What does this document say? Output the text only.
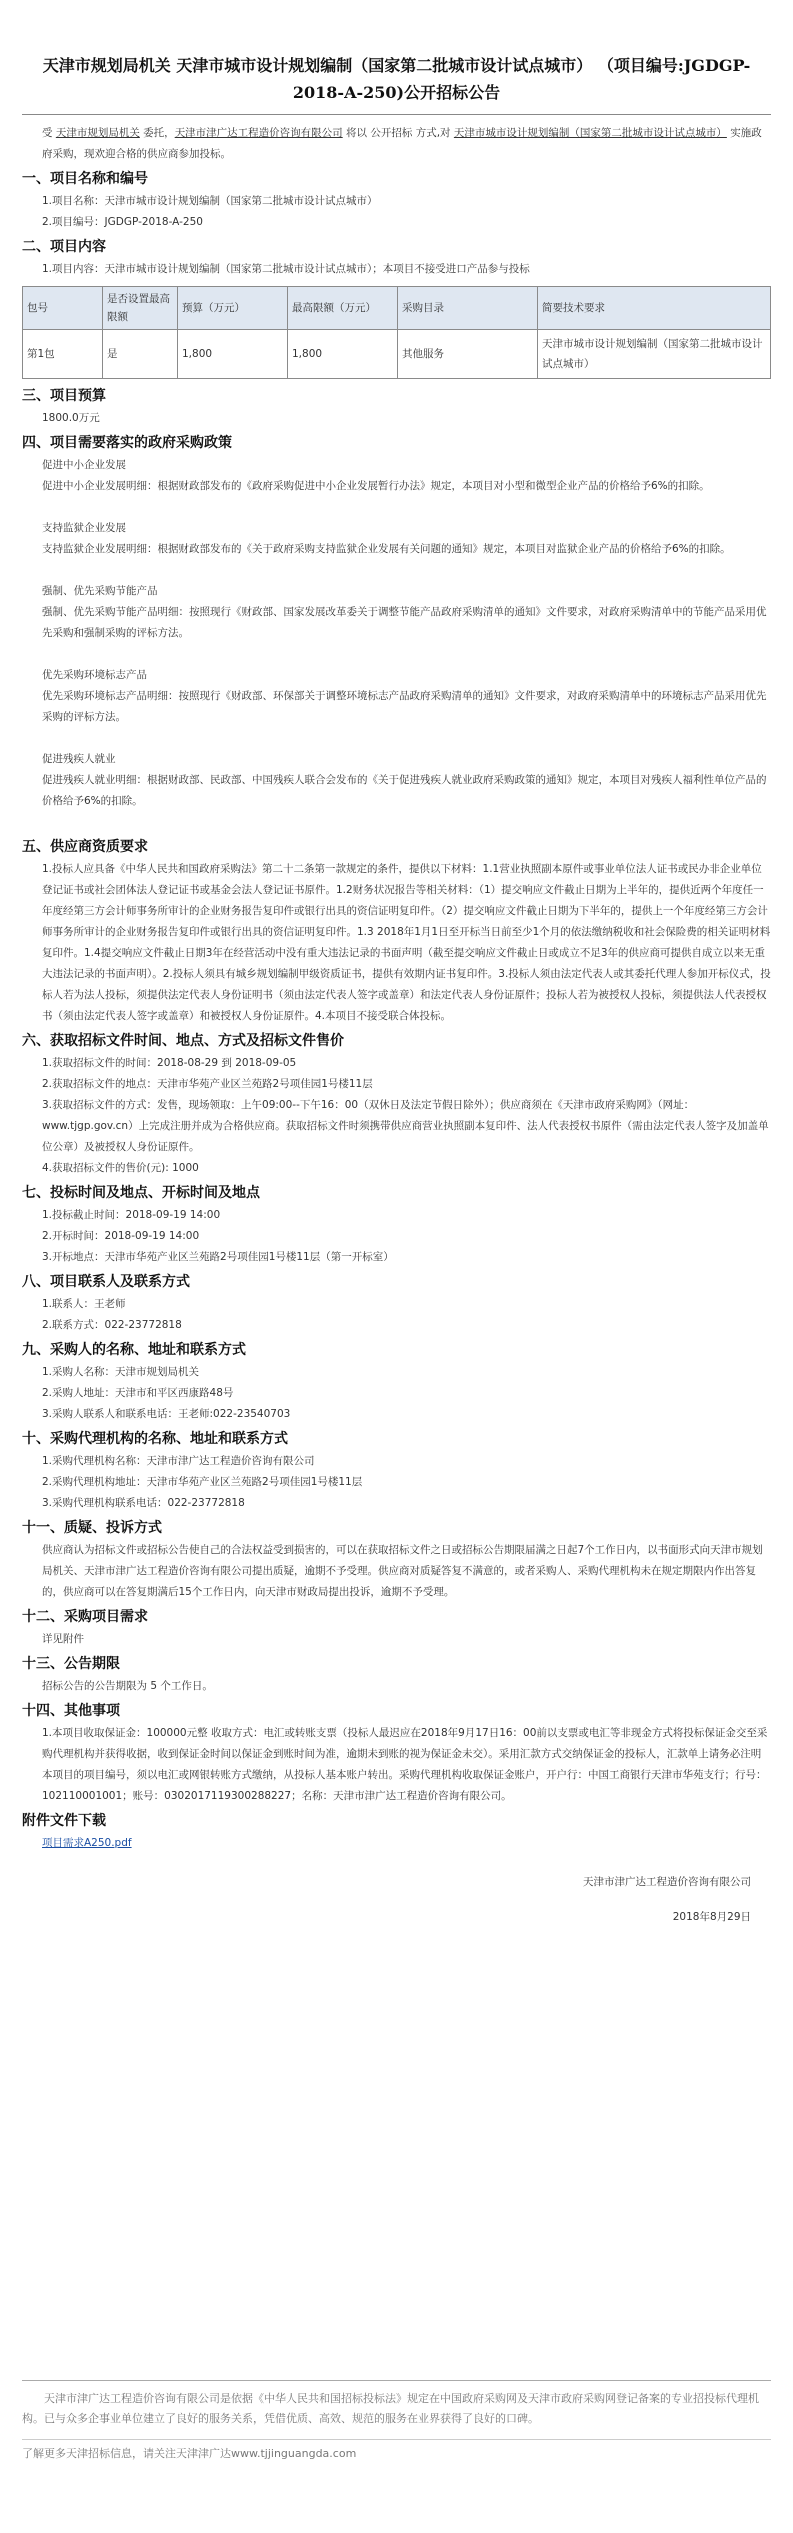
天津市规划局机关 天津市城市设计规划编制（国家第二批城市设计试点城市） （项目编号:JGDGP-2018-A-250)公开招标公告

受 天津市规划局机关 委托，天津市津广达工程造价咨询有限公司 将以 公开招标 方式,对 天津市城市设计规划编制（国家第二批城市设计试点城市） 实施政府采购，现欢迎合格的供应商参加投标。

一、项目名称和编号

1.项目名称：天津市城市设计规划编制（国家第二批城市设计试点城市）

2.项目编号：JGDGP-2018-A-250

二、项目内容

1.项目内容：天津市城市设计规划编制（国家第二批城市设计试点城市）；本项目不接受进口产品参与投标

包号	是否设置最高限额	预算（万元）	最高限额（万元）	采购目录	简要技术要求
第1包	是	1,800	1,800	其他服务	天津市城市设计规划编制（国家第二批城市设计试点城市）
三、项目预算

1800.0万元

四、项目需要落实的政府采购政策

促进中小企业发展

促进中小企业发展明细：根据财政部发布的《政府采购促进中小企业发展暂行办法》规定，本项目对小型和微型企业产品的价格给予6%的扣除。

支持监狱企业发展

支持监狱企业发展明细：根据财政部发布的《关于政府采购支持监狱企业发展有关问题的通知》规定，本项目对监狱企业产品的价格给予6%的扣除。

强制、优先采购节能产品

强制、优先采购节能产品明细：按照现行《财政部、国家发展改革委关于调整节能产品政府采购清单的通知》文件要求，对政府采购清单中的节能产品采用优先采购和强制采购的评标方法。

优先采购环境标志产品

优先采购环境标志产品明细：按照现行《财政部、环保部关于调整环境标志产品政府采购清单的通知》文件要求，对政府采购清单中的环境标志产品采用优先采购的评标方法。

促进残疾人就业

促进残疾人就业明细：根据财政部、民政部、中国残疾人联合会发布的《关于促进残疾人就业政府采购政策的通知》规定，本项目对残疾人福利性单位产品的价格给予6%的扣除。

五、供应商资质要求

1.投标人应具备《中华人民共和国政府采购法》第二十二条第一款规定的条件，提供以下材料：1.1营业执照副本原件或事业单位法人证书或民办非企业单位登记证书或社会团体法人登记证书或基金会法人登记证书原件。1.2财务状况报告等相关材料：（1）提交响应文件截止日期为上半年的，提供近两个年度任一年度经第三方会计师事务所审计的企业财务报告复印件或银行出具的资信证明复印件。（2）提交响应文件截止日期为下半年的，提供上一个年度经第三方会计师事务所审计的企业财务报告复印件或银行出具的资信证明复印件。1.3 2018年1月1日至开标当日前至少1个月的依法缴纳税收和社会保险费的相关证明材料复印件。1.4提交响应文件截止日期3年在经营活动中没有重大违法记录的书面声明（截至提交响应文件截止日或成立不足3年的供应商可提供自成立以来无重大违法记录的书面声明）。2.投标人须具有城乡规划编制甲级资质证书，提供有效期内证书复印件。3.投标人须由法定代表人或其委托代理人参加开标仪式，投标人若为法人投标，须提供法定代表人身份证明书（须由法定代表人签字或盖章）和法定代表人身份证原件；投标人若为被授权人投标，须提供法人代表授权书（须由法定代表人签字或盖章）和被授权人身份证原件。4.本项目不接受联合体投标。

六、获取招标文件时间、地点、方式及招标文件售价

1.获取招标文件的时间：2018-08-29 到 2018-09-05

2.获取招标文件的地点：天津市华苑产业区兰苑路2号项佳园1号楼11层

3.获取招标文件的方式：发售，现场领取：上午09:00--下午16：00（双休日及法定节假日除外）；供应商须在《天津市政府采购网》（网址：www.tjgp.gov.cn）上完成注册并成为合格供应商。获取招标文件时须携带供应商营业执照副本复印件、法人代表授权书原件（需由法定代表人签字及加盖单位公章）及被授权人身份证原件。

4.获取招标文件的售价(元): 1000

七、投标时间及地点、开标时间及地点

1.投标截止时间：2018-09-19 14:00

2.开标时间：2018-09-19 14:00

3.开标地点：天津市华苑产业区兰苑路2号项佳园1号楼11层（第一开标室）

八、项目联系人及联系方式

1.联系人：王老师

2.联系方式：022-23772818

九、采购人的名称、地址和联系方式

1.采购人名称：天津市规划局机关

2.采购人地址：天津市和平区西康路48号

3.采购人联系人和联系电话：王老师:022-23540703

十、采购代理机构的名称、地址和联系方式

1.采购代理机构名称：天津市津广达工程造价咨询有限公司

2.采购代理机构地址：天津市华苑产业区兰苑路2号项佳园1号楼11层

3.采购代理机构联系电话：022-23772818

十一、质疑、投诉方式

供应商认为招标文件或招标公告使自己的合法权益受到损害的，可以在获取招标文件之日或招标公告期限届满之日起7个工作日内，以书面形式向天津市规划局机关、天津市津广达工程造价咨询有限公司提出质疑，逾期不予受理。供应商对质疑答复不满意的，或者采购人、采购代理机构未在规定期限内作出答复的，供应商可以在答复期满后15个工作日内，向天津市财政局提出投诉，逾期不予受理。

十二、采购项目需求

详见附件

十三、公告期限

招标公告的公告期限为 5 个工作日。

十四、其他事项

1.本项目收取保证金：100000元整 收取方式：电汇或转账支票（投标人最迟应在2018年9月17日16：00前以支票或电汇等非现金方式将投标保证金交至采购代理机构并获得收据，收到保证金时间以保证金到账时间为准，逾期未到账的视为保证金未交）。采用汇款方式交纳保证金的投标人，汇款单上请务必注明本项目的项目编号，须以电汇或网银转账方式缴纳，从投标人基本账户转出。采购代理机构收取保证金账户，开户行：中国工商银行天津市华苑支行；行号：

102110001001；账号：0302017119300288227；名称：天津市津广达工程造价咨询有限公司。

附件文件下载

项目需求A250.pdf

天津市津广达工程造价咨询有限公司

2018年8月29日

天津市津广达工程造价咨询有限公司是依据《中华人民共和国招标投标法》规定在中国政府采购网及天津市政府采购网登记备案的专业招投标代理机构。已与众多企事业单位建立了良好的服务关系，凭借优质、高效、规范的服务在业界获得了良好的口碑。
了解更多天津招标信息，请关注天津津广达www.tjjinguangda.com
